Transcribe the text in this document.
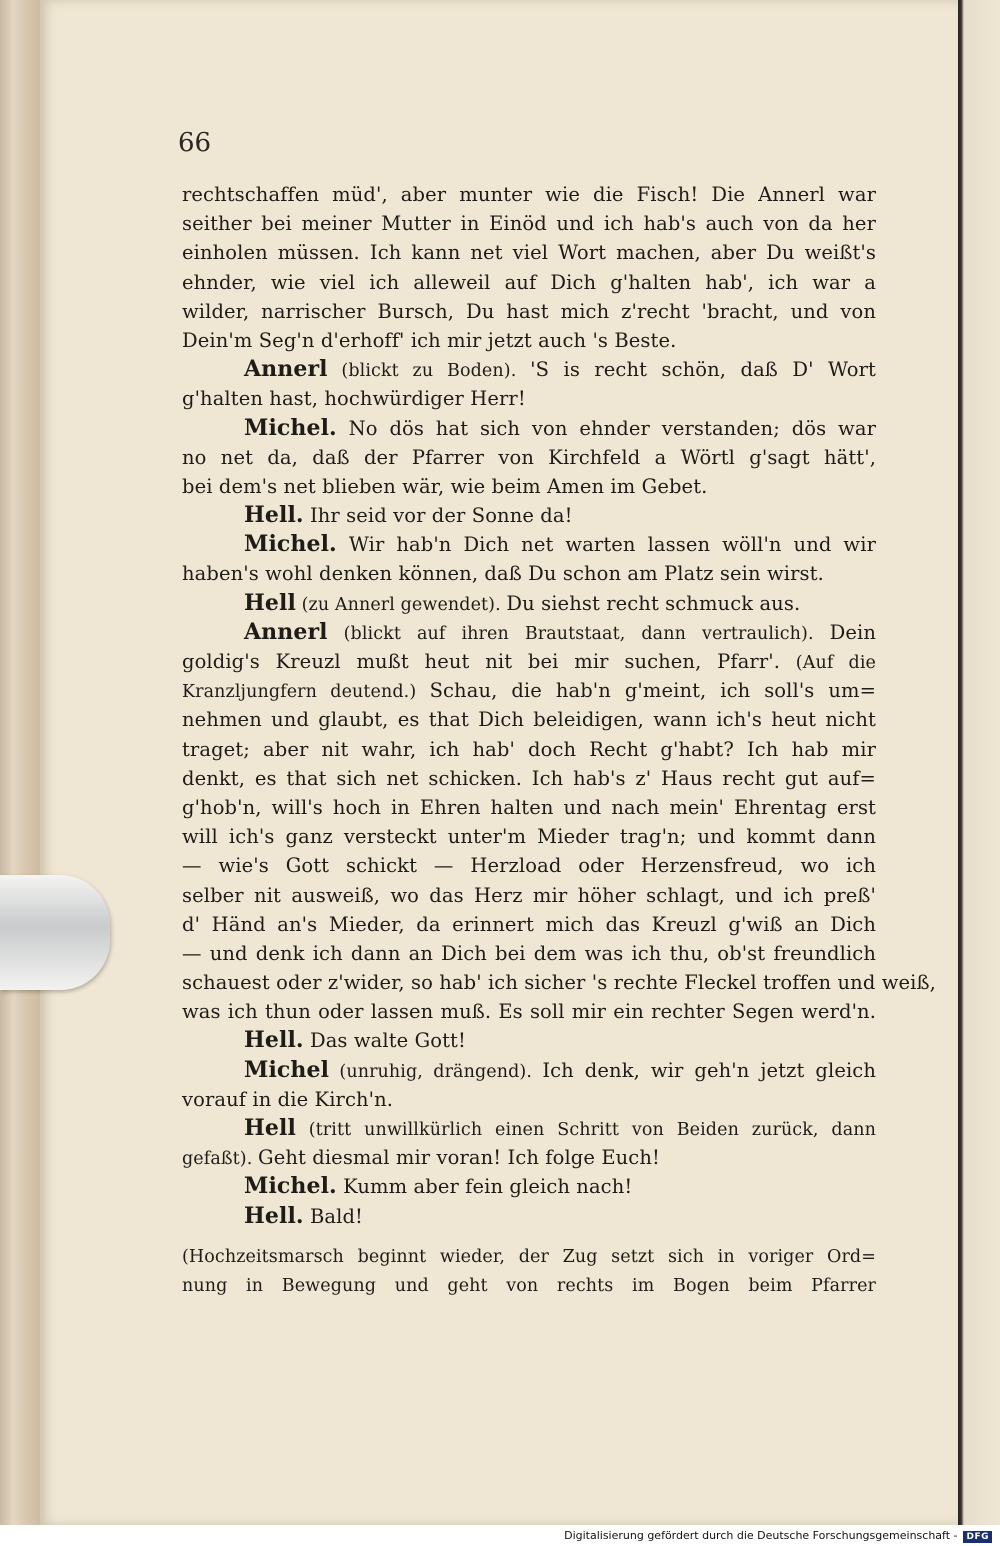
66
rechtschaffen müd', aber munter wie die Fisch! Die Annerl war
seither bei meiner Mutter in Einöd und ich hab's auch von da her
einholen müssen. Ich kann net viel Wort machen, aber Du weißt's
ehnder, wie viel ich alleweil auf Dich g'halten hab', ich war a
wilder, narrischer Bursch, Du hast mich z'recht 'bracht, und von
Dein'm Seg'n d'erhoff' ich mir jetzt auch 's Beste.
Annerl (blickt zu Boden). 'S is recht schön, daß D' Wort
g'halten hast, hochwürdiger Herr!
Michel. No dös hat sich von ehnder verstanden; dös war
no net da, daß der Pfarrer von Kirchfeld a Wörtl g'sagt hätt',
bei dem's net blieben wär, wie beim Amen im Gebet.
Hell. Ihr seid vor der Sonne da!
Michel. Wir hab'n Dich net warten lassen wöll'n und wir
haben's wohl denken können, daß Du schon am Platz sein wirst.
Hell (zu Annerl gewendet). Du siehst recht schmuck aus.
Annerl (blickt auf ihren Brautstaat, dann vertraulich). Dein
goldig's Kreuzl mußt heut nit bei mir suchen, Pfarr'. (Auf die
Kranzljungfern deutend.) Schau, die hab'n g'meint, ich soll's um=
nehmen und glaubt, es that Dich beleidigen, wann ich's heut nicht
traget; aber nit wahr, ich hab' doch Recht g'habt? Ich hab mir
denkt, es that sich net schicken. Ich hab's z' Haus recht gut auf=
g'hob'n, will's hoch in Ehren halten und nach mein' Ehrentag erst
will ich's ganz versteckt unter'm Mieder trag'n; und kommt dann
— wie's Gott schickt — Herzload oder Herzensfreud, wo ich
selber nit ausweiß, wo das Herz mir höher schlagt, und ich preß'
d' Händ an's Mieder, da erinnert mich das Kreuzl g'wiß an Dich
— und denk ich dann an Dich bei dem was ich thu, ob'st freundlich
schauest oder z'wider, so hab' ich sicher 's rechte Fleckel troffen und weiß,
was ich thun oder lassen muß. Es soll mir ein rechter Segen werd'n.
Hell. Das walte Gott!
Michel (unruhig, drängend). Ich denk, wir geh'n jetzt gleich
vorauf in die Kirch'n.
Hell (tritt unwillkürlich einen Schritt von Beiden zurück, dann
gefaßt). Geht diesmal mir voran! Ich folge Euch!
Michel. Kumm aber fein gleich nach!
Hell. Bald!
(Hochzeitsmarsch beginnt wieder, der Zug setzt sich in voriger Ord=
nung in Bewegung und geht von rechts im Bogen beim Pfarrer
Digitalisierung gefördert durch die Deutsche Forschungsgemeinschaft - DFG
